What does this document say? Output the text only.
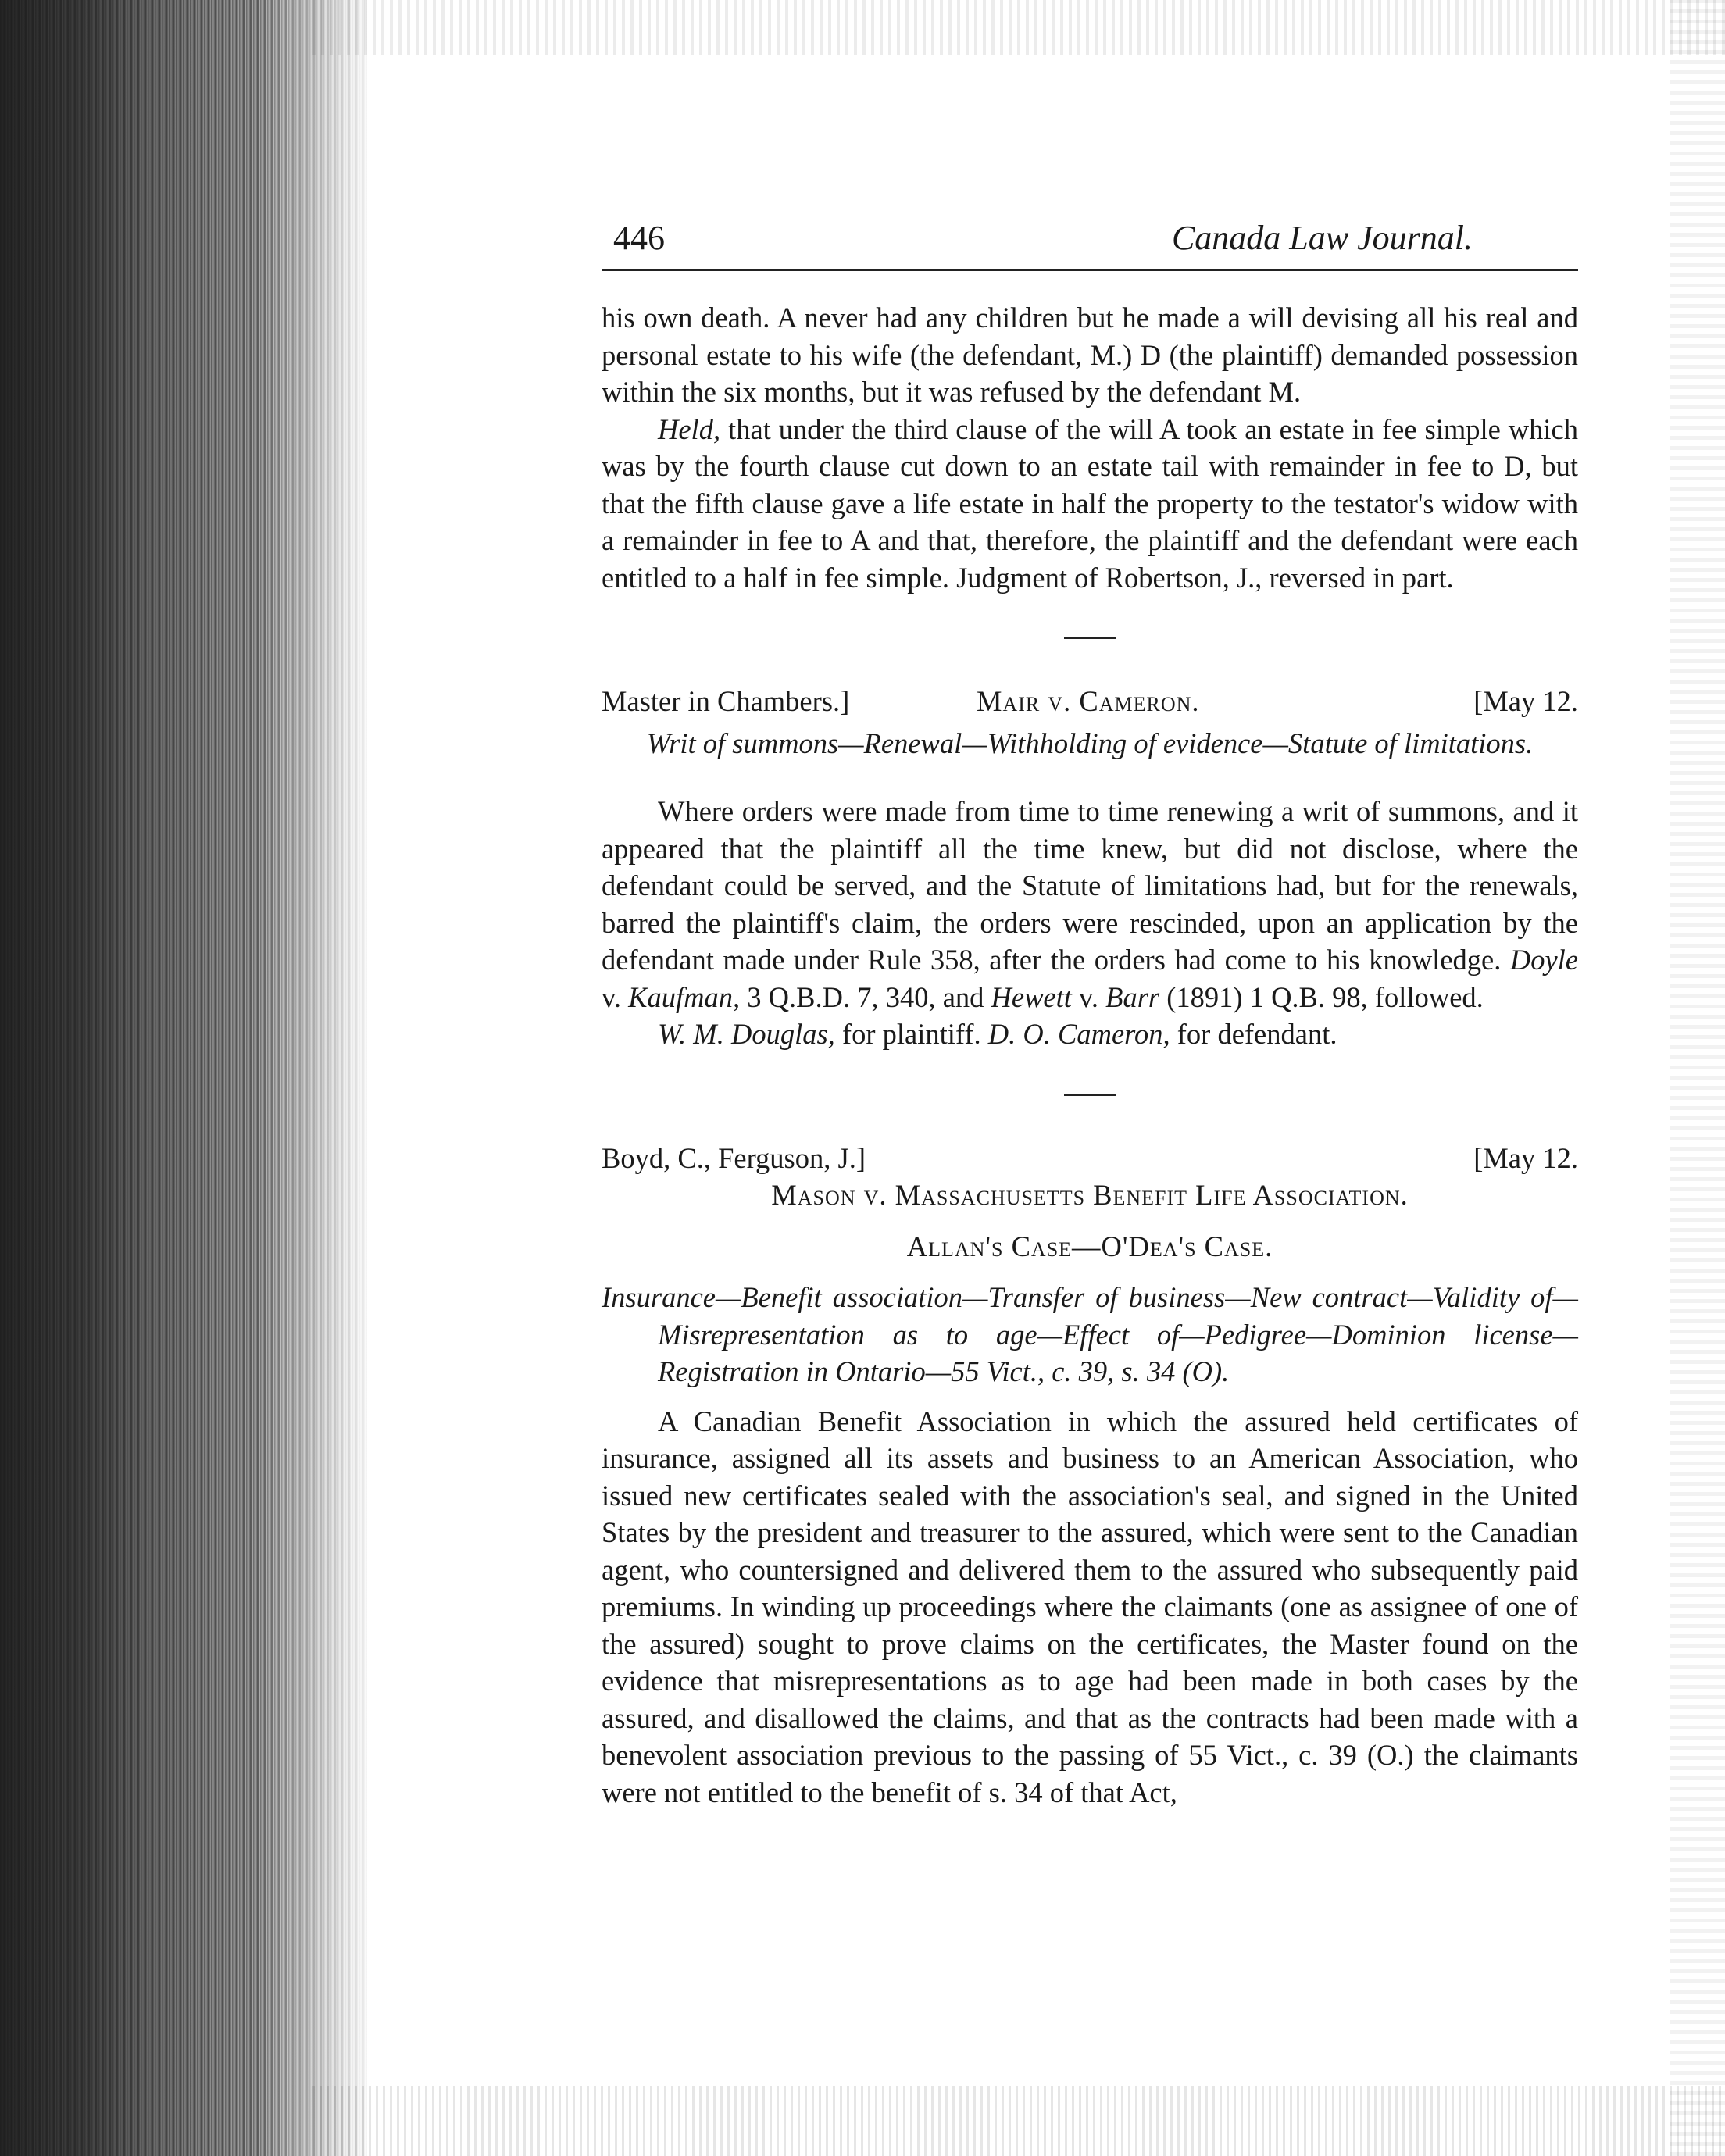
446	Canada Law Journal.

his own death. A never had any children but he made a will devising all his real and personal estate to his wife (the defendant, M.) D (the plaintiff) demanded possession within the six months, but it was refused by the defendant M.

Held, that under the third clause of the will A took an estate in fee simple which was by the fourth clause cut down to an estate tail with remainder in fee to D, but that the fifth clause gave a life estate in half the property to the testator's widow with a remainder in fee to A and that, therefore, the plaintiff and the defendant were each entitled to a half in fee simple. Judgment of Robertson, J., reversed in part.

Master in Chambers.]	Mair v. Cameron.	[May 12.
Writ of summons—Renewal—Withholding of evidence—Statute of limitations.

Where orders were made from time to time renewing a writ of summons, and it appeared that the plaintiff all the time knew, but did not disclose, where the defendant could be served, and the Statute of limitations had, but for the renewals, barred the plaintiff's claim, the orders were rescinded, upon an application by the defendant made under Rule 358, after the orders had come to his knowledge. Doyle v. Kaufman, 3 Q.B.D. 7, 340, and Hewett v. Barr (1891) 1 Q.B. 98, followed.

W. M. Douglas, for plaintiff. D. O. Cameron, for defendant.

Boyd, C., Ferguson, J.]	[May 12.
Mason v. Massachusetts Benefit Life Association.
Allan's Case—O'Dea's Case.
Insurance—Benefit association—Transfer of business—New contract—Validity of—Misrepresentation as to age—Effect of—Pedigree—Dominion license—Registration in Ontario—55 Vict., c. 39, s. 34 (O).

A Canadian Benefit Association in which the assured held certificates of insurance, assigned all its assets and business to an American Association, who issued new certificates sealed with the association's seal, and signed in the United States by the president and treasurer to the assured, which were sent to the Canadian agent, who countersigned and delivered them to the assured who subsequently paid premiums. In winding up proceedings where the claimants (one as assignee of one of the assured) sought to prove claims on the certificates, the Master found on the evidence that misrepresentations as to age had been made in both cases by the assured, and disallowed the claims, and that as the contracts had been made with a benevolent association previous to the passing of 55 Vict., c. 39 (O.) the claimants were not entitled to the benefit of s. 34 of that Act,
